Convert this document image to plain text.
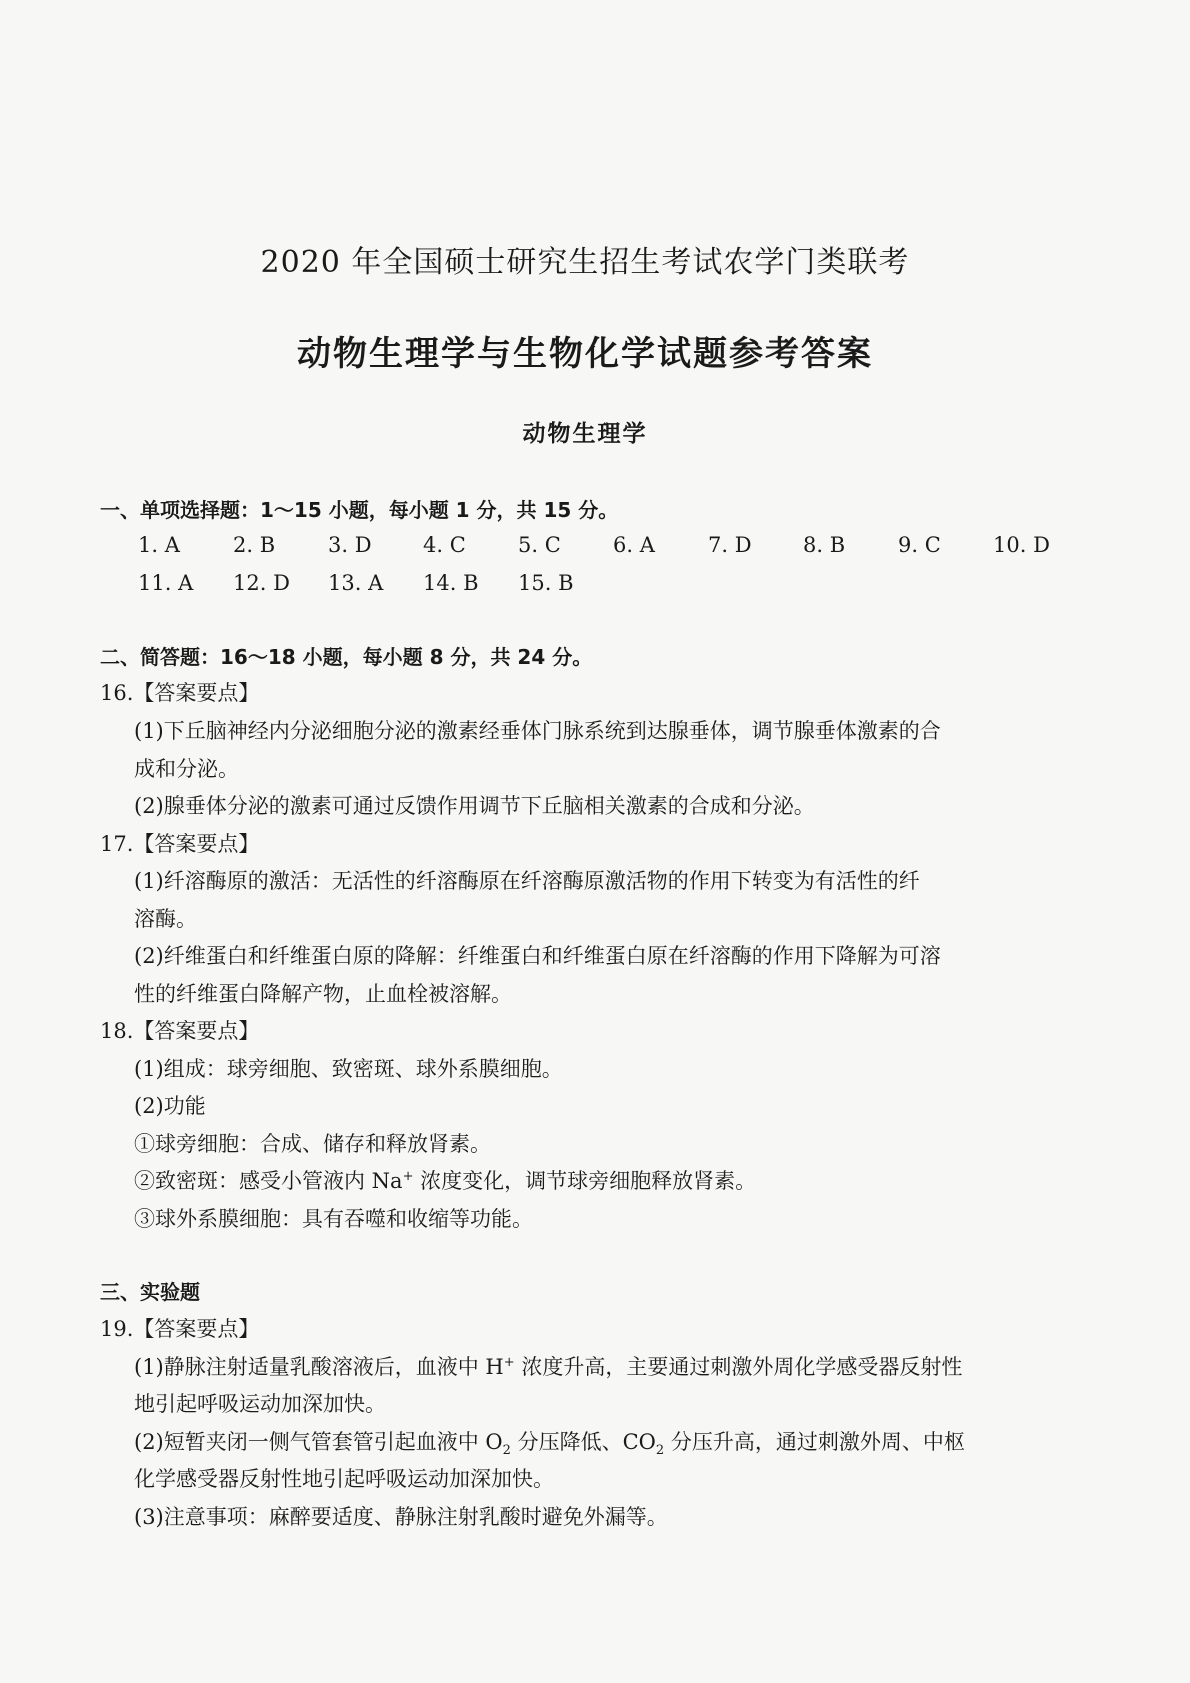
2020 年全国硕士研究生招生考试农学门类联考
动物生理学与生物化学试题参考答案
动物生理学
一、单项选择题：1～15 小题，每小题 1 分，共 15 分。
1. A	2. B	3. D 4. C 5. C 6. A	7. D 8. B	9. C 10. D
11. A 12. D 13. A 14. B 15. B
二、简答题：16～18 小题，每小题 8 分，共 24 分。
16.【答案要点】
(1)下丘脑神经内分泌细胞分泌的激素经垂体门脉系统到达腺垂体，调节腺垂体激素的合
成和分泌。
(2)腺垂体分泌的激素可通过反馈作用调节下丘脑相关激素的合成和分泌。
17.【答案要点】
(1)纤溶酶原的激活：无活性的纤溶酶原在纤溶酶原激活物的作用下转变为有活性的纤
溶酶。
(2)纤维蛋白和纤维蛋白原的降解：纤维蛋白和纤维蛋白原在纤溶酶的作用下降解为可溶
性的纤维蛋白降解产物，止血栓被溶解。
18.【答案要点】
(1)组成：球旁细胞、致密斑、球外系膜细胞。
(2)功能
①球旁细胞：合成、储存和释放肾素。
②致密斑：感受小管液内 Na+ 浓度变化，调节球旁细胞释放肾素。
③球外系膜细胞：具有吞噬和收缩等功能。
三、实验题
19.【答案要点】
(1)静脉注射适量乳酸溶液后，血液中 H+ 浓度升高，主要通过刺激外周化学感受器反射性
地引起呼吸运动加深加快。
(2)短暂夹闭一侧气管套管引起血液中 $O_2$ 分压降低、$CO_2$ 分压升高，通过刺激外周、中枢
化学感受器反射性地引起呼吸运动加深加快。
(3)注意事项：麻醉要适度、静脉注射乳酸时避免外漏等。
